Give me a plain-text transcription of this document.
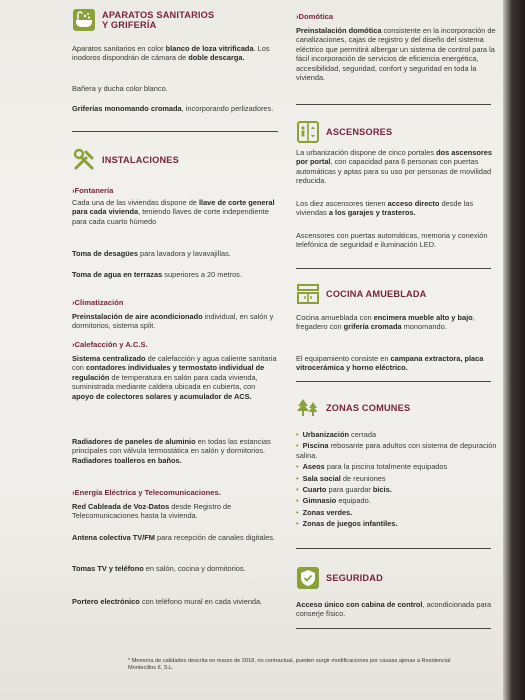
APARATOS SANITARIOS Y GRIFERÍA

Aparatos sanitarios en color blanco de loza vitrificada. Los inodoros dispondrán de cámara de doble descarga.

Bañera y ducha color blanco.

Griferías monomando cromada, incorporando perlizadores.

INSTALACIONES
› Fontanería

Cada una de las viviendas dispone de llave de corte general para cada vivienda, teniendo llaves de corte independiente para cada cuarto húmedo

Toma de desagües para lavadora y lavavajillas.

Toma de agua en terrazas superiores a 20 metros.

› Climatización

Preinstalación de aire acondicionado individual, en salón y dormitorios, sistema split.

› Calefacción y A.C.S.

Sistema centralizado de calefacción y agua caliente sanitaria con contadores individuales y termostato individual de regulación de temperatura en salón para cada vivienda, suministrada mediante caldera ubicada en cubierta, con apoyo de colectores solares y acumulador de ACS.

Radiadores de paneles de aluminio en todas las estancias principales con válvula termostática en salón y dormitorios. Radiadores toalleros en baños.

› Energía Eléctrica y Telecomunicaciones.

Red Cableada de Voz-Datos desde Registro de Telecomunicaciones hasta la vivienda.

Antena colectiva TV/FM para recepción de canales digitales.

Tomas TV y teléfono en salón, cocina y dormitorios.

Portero electrónico con teléfono mural en cada vivienda.

› Domótica

Preinstalación domótica consistente en la incorporación de canalizaciones, cajas de registro y del diseño del sistema eléctrico que permitirá albergar un sistema de control para la fácil incorporación de servicios de eficiencia energética, accesibilidad, seguridad, confort y seguridad en toda la vivienda.

ASCENSORES

La urbanización dispone de cinco portales dos ascensores por portal, con capacidad para 6 personas con puertas automáticas y aptas para su uso por personas de movilidad reducida.

Los diez ascensores tienen acceso directo desde las viviendas a los garajes y trasteros.

Ascensores con puertas automáticas, memoria y conexión telefónica de seguridad e iluminación LED.

COCINA AMUEBLADA

Cocina amueblada con encimera mueble alto y bajo, fregadero con grifería cromada monomando.

El equipamiento consiste en campana extractora, placa vitrocerámica y horno eléctrico.

ZONAS COMUNES
• Urbanización cerrada
• Piscina rebosante para adultos con sistema de depuración salina.
• Aseos para la piscina totalmente equipados
• Sala social de reuniones
• Cuarto para guardar bicis.
• Gimnasio equipado.
• Zonas verdes.
• Zonas de juegos infantiles.
SEGURIDAD

Acceso único con cabina de control, acondicionada para conserje físico.

* Memoria de calidades descrita en marzo de 2018, no contractual, pueden surgir modificaciones por causas ajenas a Residencial Montecillos II, S.L.
